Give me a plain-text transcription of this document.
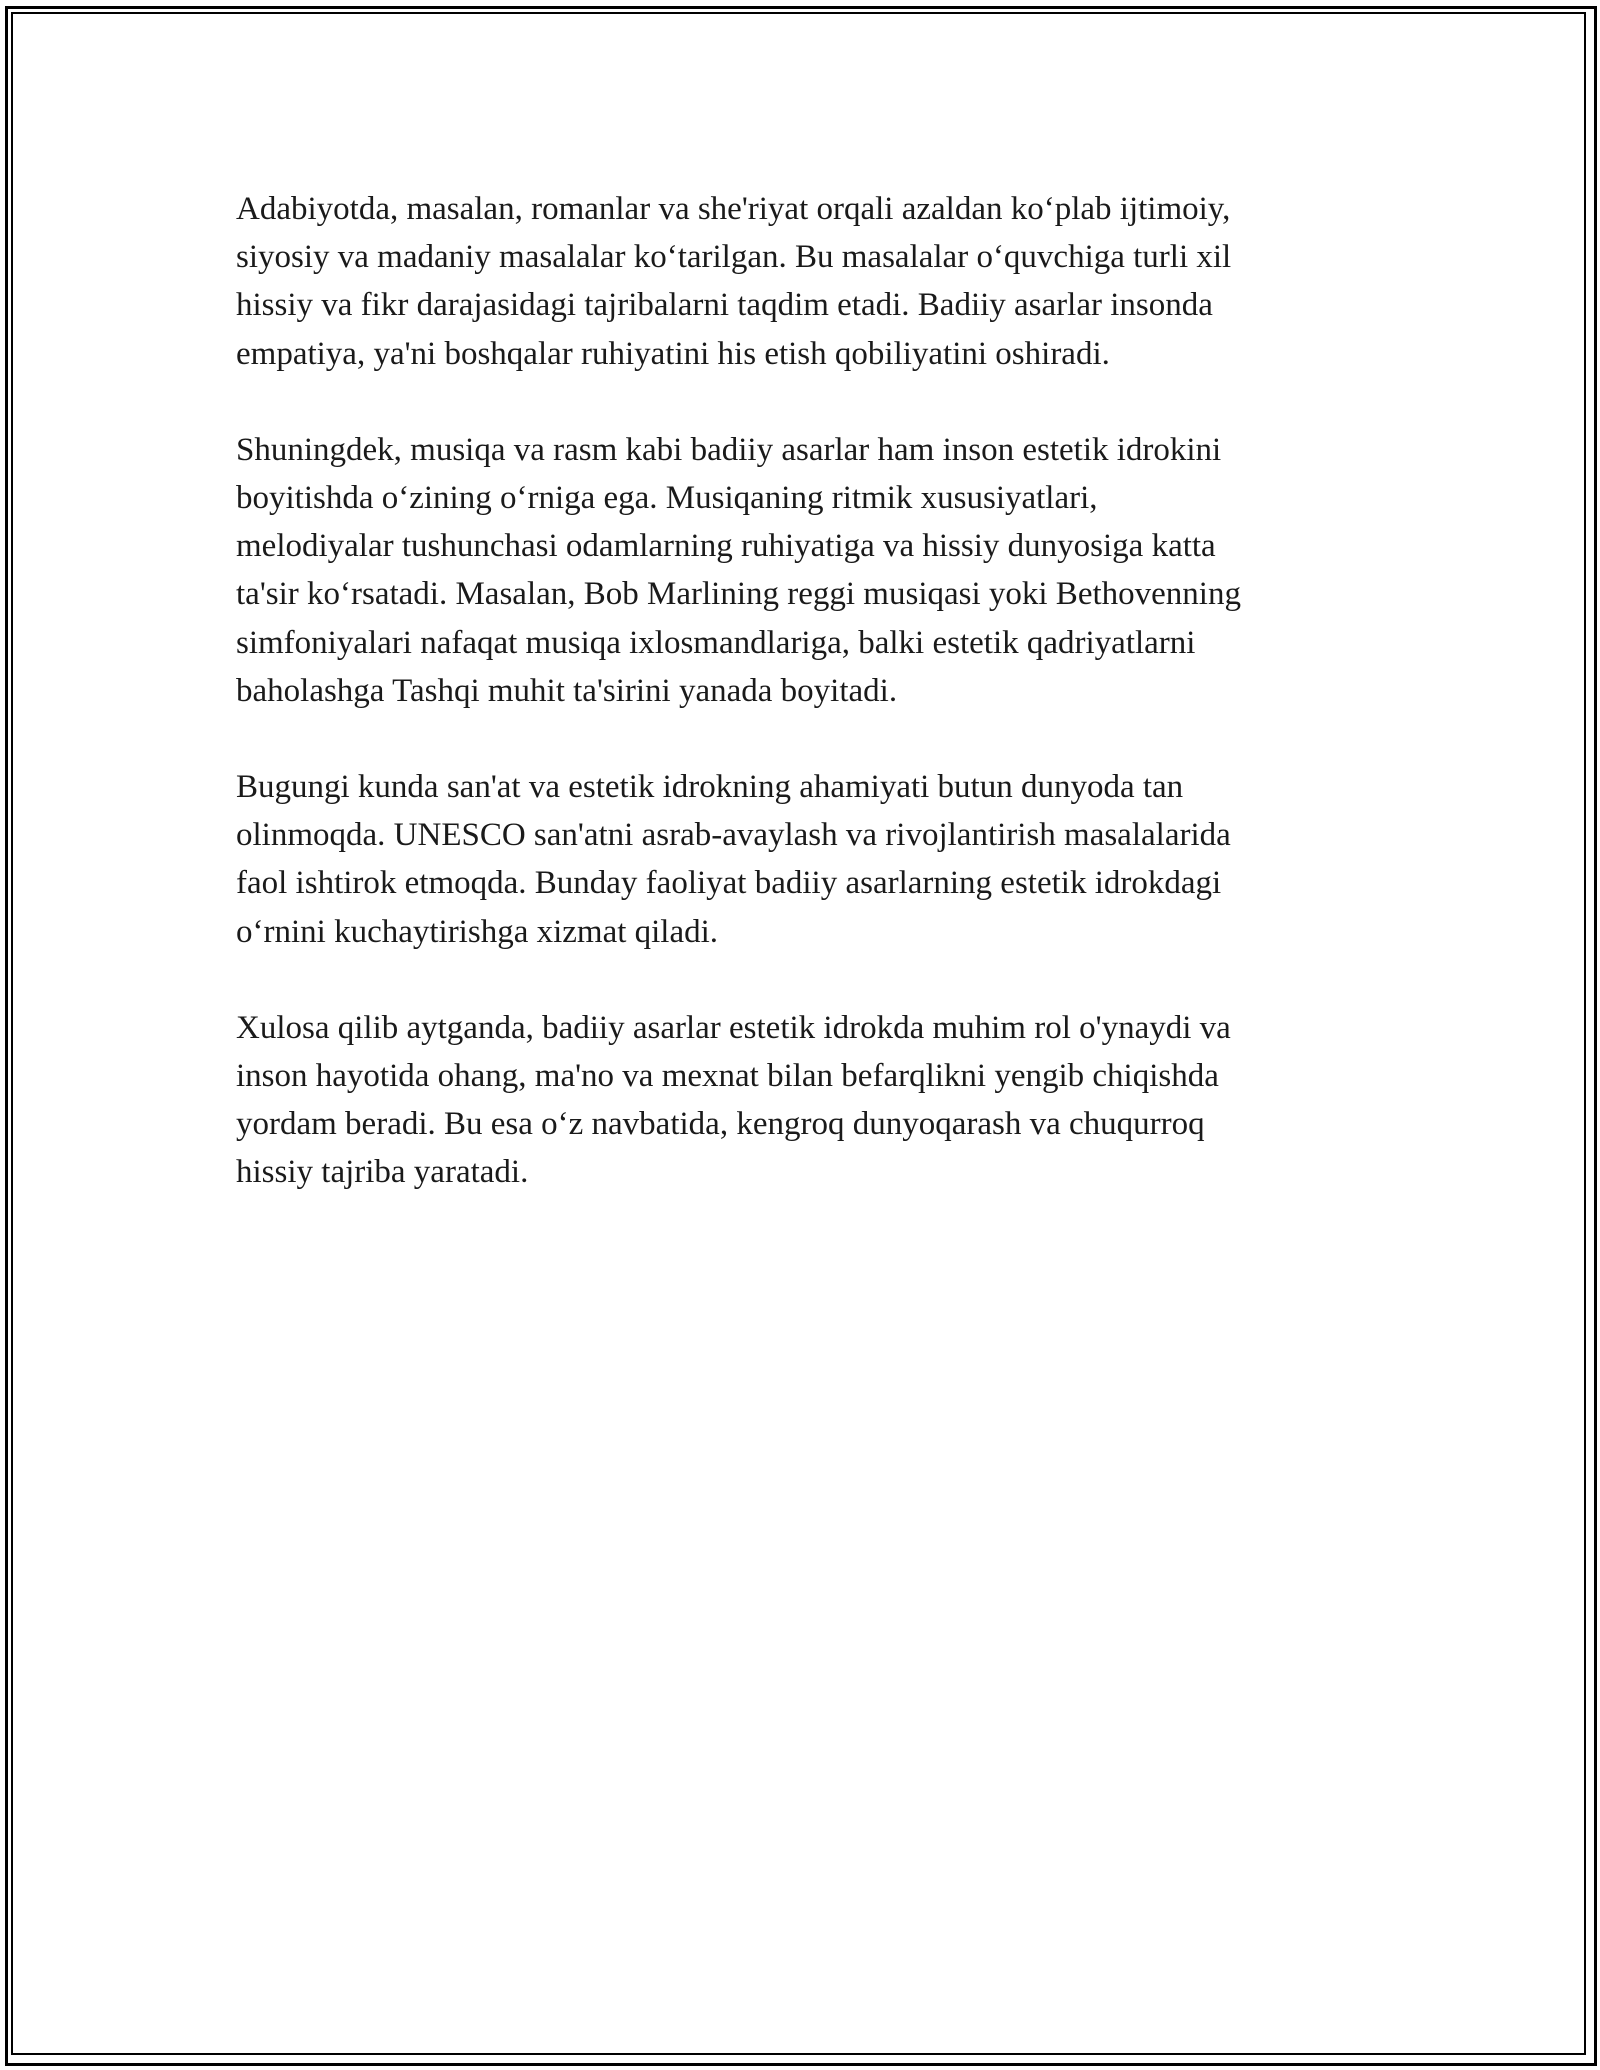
Adabiyotda, masalan, romanlar va she'riyat orqali azaldan koʻplab ijtimoiy,
siyosiy va madaniy masalalar koʻtarilgan. Bu masalalar oʻquvchiga turli xil
hissiy va fikr darajasidagi tajribalarni taqdim etadi. Badiiy asarlar insonda
empatiya, ya'ni boshqalar ruhiyatini his etish qobiliyatini oshiradi.

Shuningdek, musiqa va rasm kabi badiiy asarlar ham inson estetik idrokini
boyitishda oʻzining oʻrniga ega. Musiqaning ritmik xususiyatlari,
melodiyalar tushunchasi odamlarning ruhiyatiga va hissiy dunyosiga katta
ta'sir koʻrsatadi. Masalan, Bob Marlining reggi musiqasi yoki Bethovenning
simfoniyalari nafaqat musiqa ixlosmandlariga, balki estetik qadriyatlarni
baholashga Tashqi muhit ta'sirini yanada boyitadi.

Bugungi kunda san'at va estetik idrokning ahamiyati butun dunyoda tan
olinmoqda. UNESCO san'atni asrab-avaylash va rivojlantirish masalalarida
faol ishtirok etmoqda. Bunday faoliyat badiiy asarlarning estetik idrokdagi
oʻrnini kuchaytirishga xizmat qiladi.

Xulosa qilib aytganda, badiiy asarlar estetik idrokda muhim rol o'ynaydi va
inson hayotida ohang, ma'no va mexnat bilan befarqlikni yengib chiqishda
yordam beradi. Bu esa oʻz navbatida, kengroq dunyoqarash va chuqurroq
hissiy tajriba yaratadi.
